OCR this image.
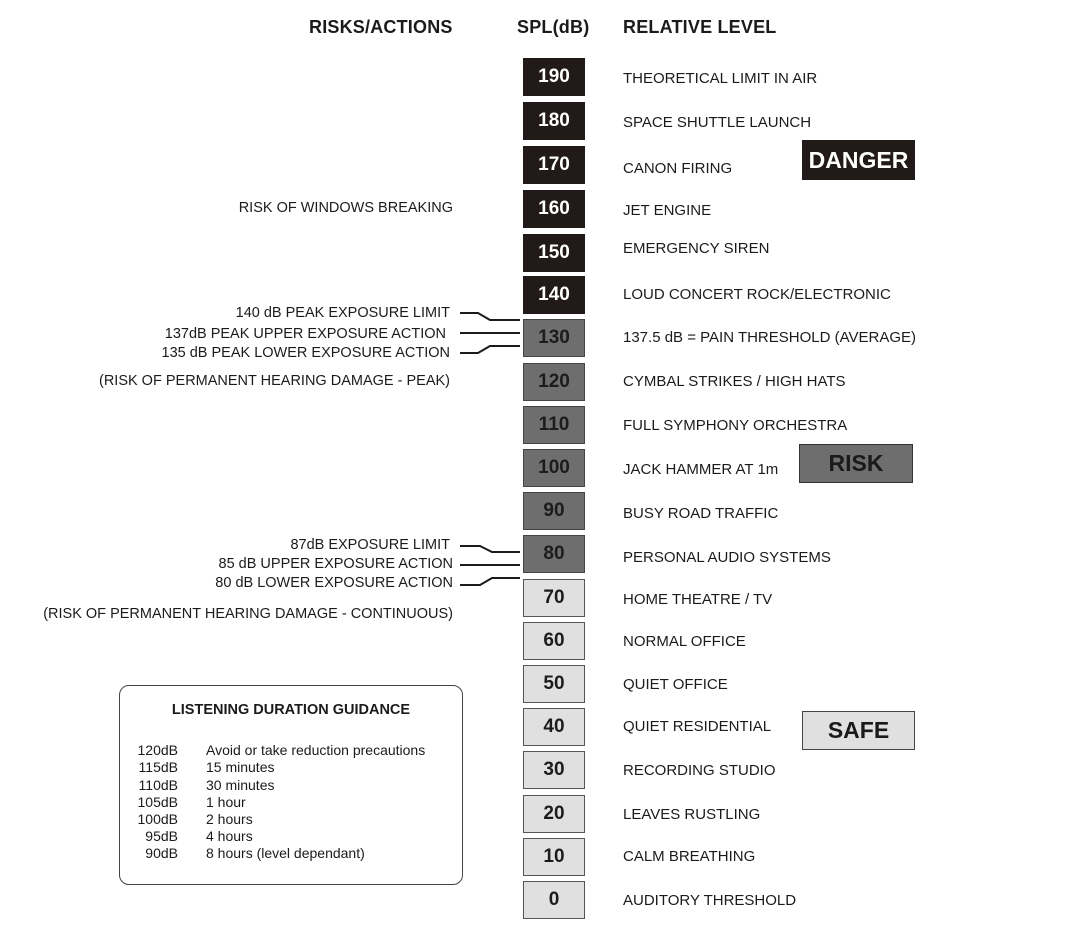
RISKS/ACTIONS	SPL(dB) RELATIVE LEVEL
190
180
170
160
150
140
130
120
110
100
90
80
70
60
50
40
30
20
10
0
THEORETICAL LIMIT IN AIR
SPACE SHUTTLE LAUNCH
CANON FIRING
JET ENGINE
EMERGENCY SIREN
LOUD CONCERT ROCK/ELECTRONIC
137.5 dB = PAIN THRESHOLD (AVERAGE)
CYMBAL STRIKES / HIGH HATS
FULL SYMPHONY ORCHESTRA
JACK HAMMER AT 1m
BUSY ROAD TRAFFIC
PERSONAL AUDIO SYSTEMS
HOME THEATRE / TV
NORMAL OFFICE
QUIET OFFICE
QUIET RESIDENTIAL
RECORDING STUDIO
LEAVES RUSTLING
CALM BREATHING
AUDITORY THRESHOLD
DANGER
RISK
SAFE
RISK OF WINDOWS BREAKING
140 dB PEAK EXPOSURE LIMIT
137dB PEAK UPPER EXPOSURE ACTION
135 dB PEAK LOWER EXPOSURE ACTION
(RISK OF PERMANENT HEARING DAMAGE - PEAK)
87dB EXPOSURE LIMIT
85 dB UPPER EXPOSURE ACTION
80 dB LOWER EXPOSURE ACTION
(RISK OF PERMANENT HEARING DAMAGE - CONTINUOUS)
LISTENING DURATION GUIDANCE
120dB Avoid or take reduction precautions
115dB 15 minutes
110dB 30 minutes
105dB 1 hour
100dB 2 hours
95dB 4 hours
90dB 8 hours (level dependant)
